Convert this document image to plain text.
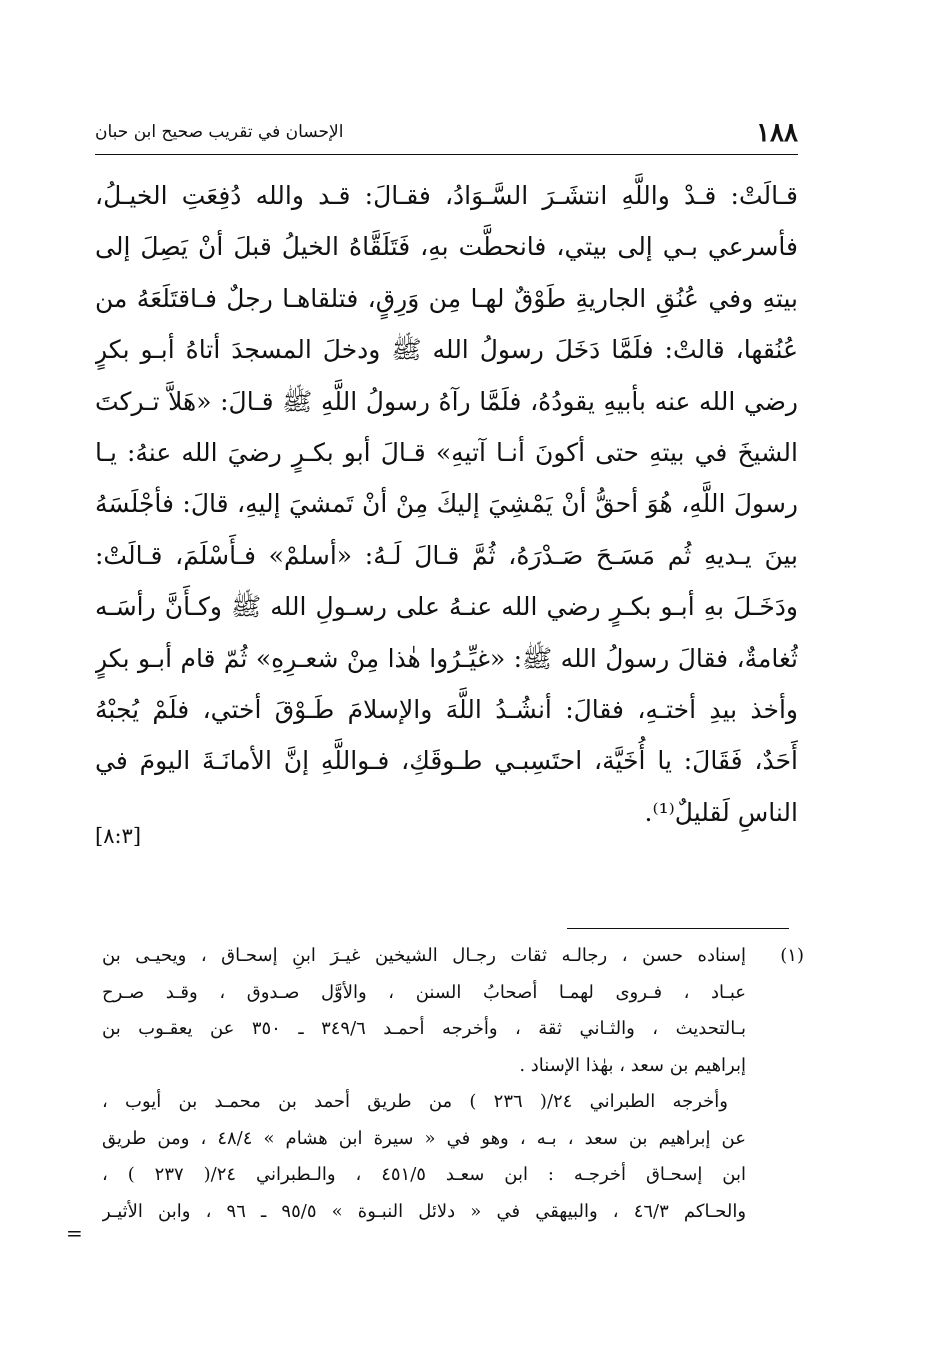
١٨٨
الإحسان في تقريب صحيح ابن حبان
قـالَتْ: قـدْ واللَّهِ انتشَـرَ السَّـوَادُ، فقـالَ: قـد والله دُفِعَتِ الخيـلُ،
فأسرعي بـي إلى بيتي، فانحطَّت بهِ، فَتَلَقَّاهُ الخيلُ قبلَ أنْ يَصِلَ إلى
بيتهِ وفي عُنُقِ الجاريةِ طَوْقٌ لهـا مِن وَرِقٍ، فتلقاهـا رجلٌ فـاقتَلَعَهُ من
عُنُقها، قالتْ: فلَمَّا دَخَلَ رسولُ الله ﷺ ودخلَ المسجدَ أتاهُ أبـو بكرٍ
رضي الله عنه بأبيهِ يقودُهُ، فلَمَّا رآهُ رسولُ اللَّهِ ﷺ قـالَ: «هَلاَّ تـركتَ
الشيخَ في بيتهِ حتى أكونَ أنـا آتيهِ» قـالَ أبو بكـرٍ رضيَ الله عنهُ: يـا
رسولَ اللَّهِ، هُوَ أحقُّ أنْ يَمْشِيَ إليكَ مِنْ أنْ تَمشيَ إليهِ، قالَ: فأجْلَسَهُ
بينَ يـديهِ ثُم مَسَـحَ صَـدْرَهُ، ثُمَّ قـالَ لَـهُ: «أسلمْ» فـأَسْلَمَ، قـالَتْ:
ودَخَـلَ بهِ أبـو بكـرٍ رضي الله عنـهُ على رسـولِ الله ﷺ وكـأَنَّ رأسَـه
ثُغامةٌ، فقالَ رسولُ الله ﷺ: «غيِّـرُوا هٰذا مِنْ شعـرِهِ» ثُمّ قام أبـو بكرٍ
وأخذ بيدِ أختـهِ، فقالَ: أنشُـدُ اللَّهَ والإسلامَ طَـوْقَ أختي، فلَمْ يُجبْهُ
أَحَدٌ، فَقَالَ: يا أُخَيَّة، احتَسِبـي طـوقَكِ، فـواللَّهِ إنَّ الأمانَـةَ اليومَ في
الناسِ لَقليلٌ⁽¹⁾.
[٨:٣]
(١)
إسناده حسن ، رجالـه ثقات رجـال الشيخين غيـرَ ابنِ إسحـاق ، ويحيـى بن
عبـاد ، فـروى لهمـا أصحابُ السنن ، والأوَّل صـدوق ، وقـد صـرح
بـالتحديث ، والثـاني ثقة ، وأخرجه أحمـد ٣٤٩/٦ ـ ٣٥٠ عن يعقـوب بن
إبراهيم بن سعد ، بهٰذا الإسناد .
وأخرجه الطبراني ٢٤/( ٢٣٦ ) من طريق أحمد بن محمـد بن أيوب ،
عن إبراهيم بن سعد ، بـه ، وهو في « سيرة ابن هشام » ٤٨/٤ ، ومن طريق
ابن إسحـاق أخرجـه : ابن سعـد ٤٥١/٥ ، والـطبراني ٢٤/( ٢٣٧ ) ،
والحـاكم ٤٦/٣ ، والبيهقي في « دلائل النبـوة » ٩٥/٥ ـ ٩٦ ، وابن الأثيـر
=
